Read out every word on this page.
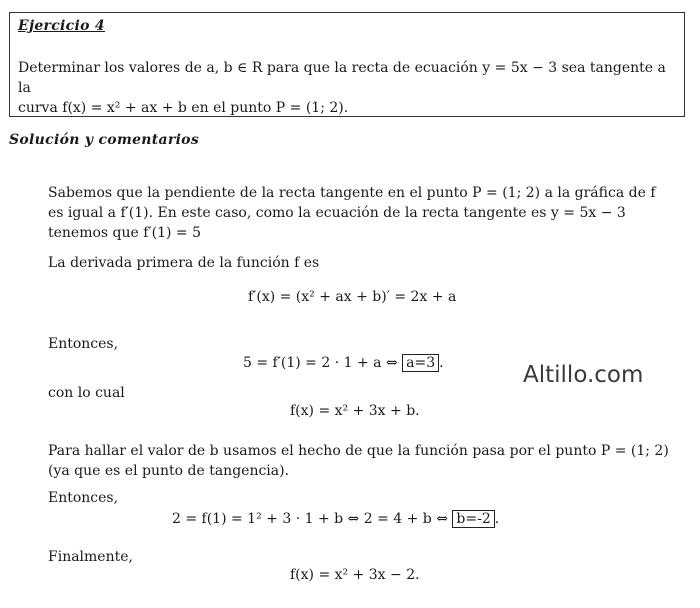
Ejercicio 4
Determinar los valores de a, b ∈ R para que la recta de ecuación y = 5x − 3 sea tangente a la
curva f(x) = x² + ax + b en el punto P = (1; 2).
Solución y comentarios
Sabemos que la pendiente de la recta tangente en el punto P = (1; 2) a la gráfica de f es igual a f′(1). En este caso, como la ecuación de la recta tangente es y = 5x − 3 tenemos que f′(1) = 5
La derivada primera de la función f es
f′(x) = (x² + ax + b)′ = 2x + a
Entonces,
5 = f′(1) = 2 · 1 + a ⇔ a=3 .
con lo cual
f(x) = x² + 3x + b.
Para hallar el valor de b usamos el hecho de que la función pasa por el punto P = (1; 2) (ya que es el punto de tangencia).
Entonces,
2 = f(1) = 1² + 3 · 1 + b ⇔ 2 = 4 + b ⇔ b=-2 .
Finalmente,
f(x) = x² + 3x − 2.
Altillo.com
